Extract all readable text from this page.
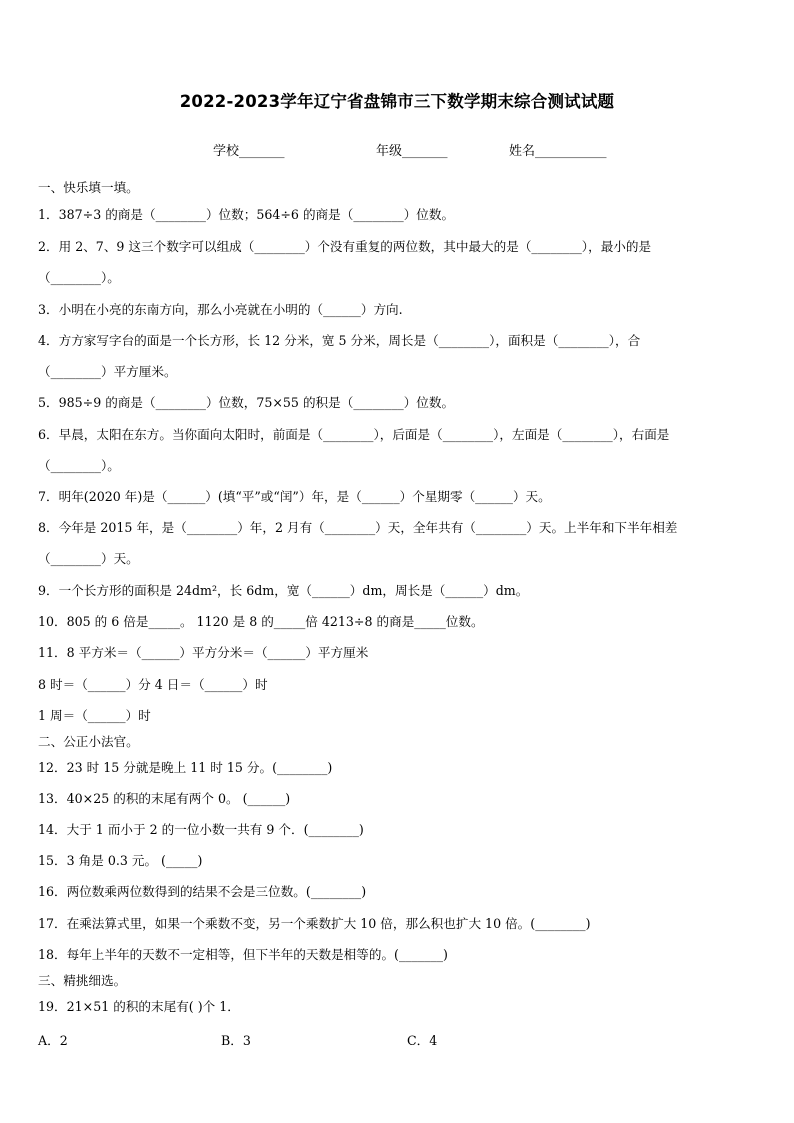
2022-2023学年辽宁省盘锦市三下数学期末综合测试试题
学校_______	年级_______	姓名___________
一、快乐填一填。
1．387÷3 的商是（________）位数；564÷6 的商是（________）位数。
2．用 2、7、9 这三个数字可以组成（________）个没有重复的两位数，其中最大的是（________），最小的是
（________）。
3．小明在小亮的东南方向，那么小亮就在小明的（______）方向.
4．方方家写字台的面是一个长方形，长 12 分米，宽 5 分米，周长是（________），面积是（________），合
（________）平方厘米。
5．985÷9 的商是（________）位数，75×55 的积是（________）位数。
6．早晨，太阳在东方。当你面向太阳时，前面是（________），后面是（________），左面是（________），右面是
（________）。
7．明年(2020 年)是（______）(填“平”或“闰”）年，是（______）个星期零（______）天。
8．今年是 2015 年，是（________）年，2 月有（________）天，全年共有（________）天。上半年和下半年相差
（________）天。
9．一个长方形的面积是 24dm²，长 6dm，宽（______）dm，周长是（______）dm。
10．805 的 6 倍是_____。 1120 是 8 的_____倍 4213÷8 的商是_____位数。
11．8 平方米＝（______）平方分米＝（______）平方厘米
8 时＝（______）分 4 日＝（______）时
1 周＝（______）时
二、公正小法官。
12．23 时 15 分就是晚上 11 时 15 分。(________)
13．40×25 的积的末尾有两个 0。 (______)
14．大于 1 而小于 2 的一位小数一共有 9 个．(________)
15．3 角是 0.3 元。 (_____)
16．两位数乘两位数得到的结果不会是三位数。(________)
17．在乘法算式里，如果一个乘数不变，另一个乘数扩大 10 倍，那么积也扩大 10 倍。(________)
18．每年上半年的天数不一定相等，但下半年的天数是相等的。(_______)
三、精挑细选。
19．21×51 的积的末尾有( )个 1．
A．2	B．3	C．4
